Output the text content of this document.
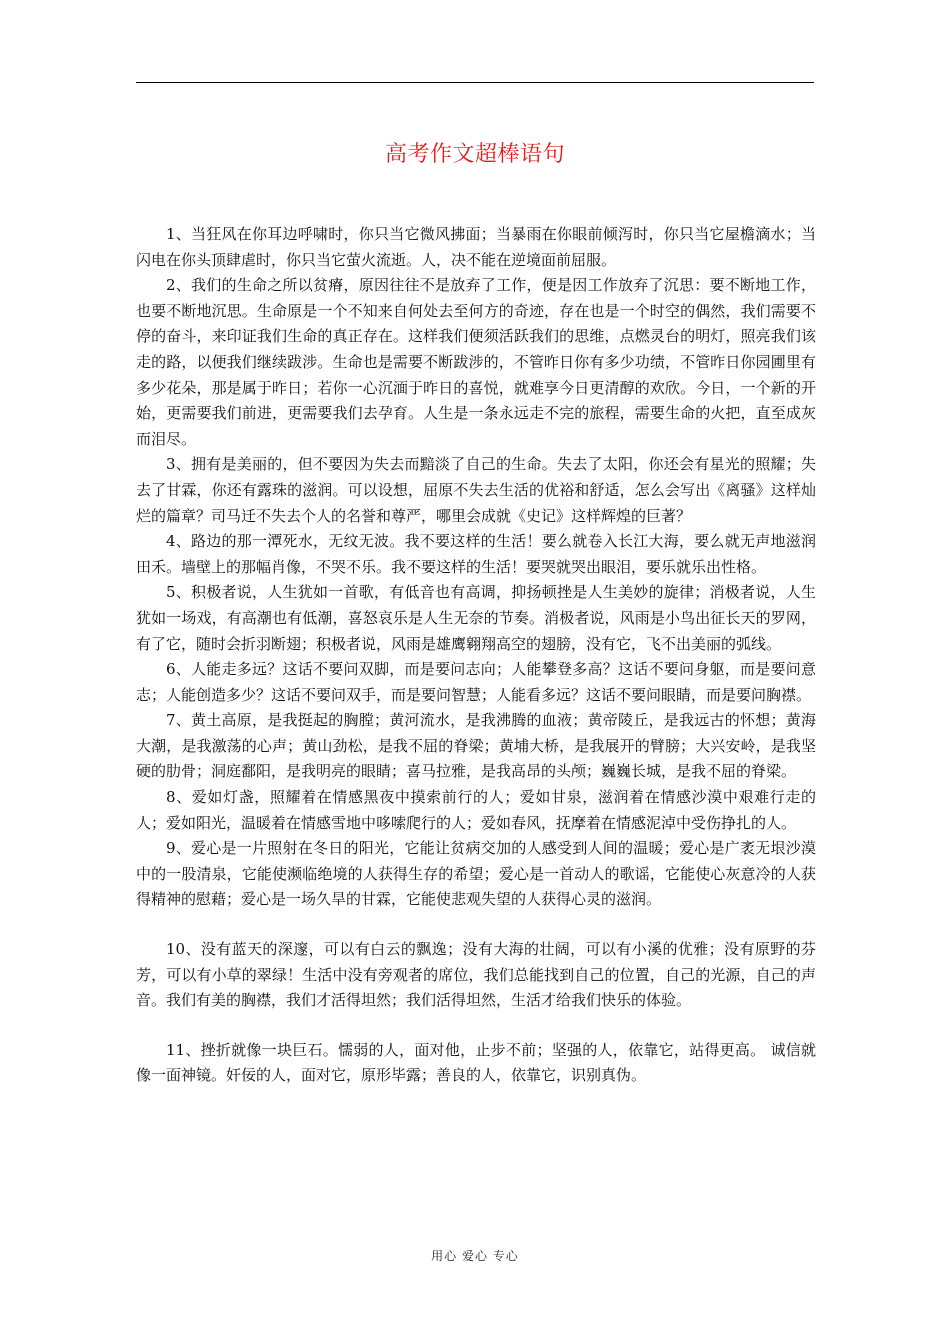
高考作文超棒语句

1、当狂风在你耳边呼啸时，你只当它微风拂面；当暴雨在你眼前倾泻时，你只当它屋檐滴水；当闪电在你头顶肆虐时，你只当它萤火流逝。人，决不能在逆境面前屈服。

2、我们的生命之所以贫瘠，原因往往不是放弃了工作，便是因工作放弃了沉思：要不断地工作，也要不断地沉思。生命原是一个不知来自何处去至何方的奇迹，存在也是一个时空的偶然，我们需要不停的奋斗，来印证我们生命的真正存在。这样我们便须活跃我们的思维，点燃灵台的明灯，照亮我们该走的路，以便我们继续跋涉。生命也是需要不断跋涉的，不管昨日你有多少功绩，不管昨日你园圃里有多少花朵，那是属于昨日；若你一心沉湎于昨日的喜悦，就难享今日更清醇的欢欣。今日，一个新的开始，更需要我们前进，更需要我们去孕育。人生是一条永远走不完的旅程，需要生命的火把，直至成灰而泪尽。

3、拥有是美丽的，但不要因为失去而黯淡了自己的生命。失去了太阳，你还会有星光的照耀；失去了甘霖，你还有露珠的滋润。可以设想，屈原不失去生活的优裕和舒适，怎么会写出《离骚》这样灿烂的篇章？司马迁不失去个人的名誉和尊严，哪里会成就《史记》这样辉煌的巨著？

4、路边的那一潭死水，无纹无波。我不要这样的生活！要么就卷入长江大海，要么就无声地滋润田禾。墙壁上的那幅肖像，不哭不乐。我不要这样的生活！要哭就哭出眼泪，要乐就乐出性格。

5、积极者说，人生犹如一首歌，有低音也有高调，抑扬顿挫是人生美妙的旋律；消极者说，人生犹如一场戏，有高潮也有低潮，喜怒哀乐是人生无奈的节奏。消极者说，风雨是小鸟出征长天的罗网，有了它，随时会折羽断翅；积极者说，风雨是雄鹰翱翔高空的翅膀，没有它，飞不出美丽的弧线。

6、人能走多远？这话不要问双脚，而是要问志向；人能攀登多高？这话不要问身躯，而是要问意志；人能创造多少？这话不要问双手，而是要问智慧；人能看多远？这话不要问眼睛，而是要问胸襟。

7、黄土高原，是我挺起的胸膛；黄河流水，是我沸腾的血液；黄帝陵丘，是我远古的怀想；黄海大潮，是我激荡的心声；黄山劲松，是我不屈的脊梁；黄埔大桥，是我展开的臂膀；大兴安岭，是我坚硬的肋骨；洞庭鄱阳，是我明亮的眼睛；喜马拉雅，是我高昂的头颅；巍巍长城，是我不屈的脊梁。

8、爱如灯盏，照耀着在情感黑夜中摸索前行的人；爱如甘泉，滋润着在情感沙漠中艰难行走的人；爱如阳光，温暖着在情感雪地中哆嗦爬行的人；爱如春风，抚摩着在情感泥淖中受伤挣扎的人。

9、爱心是一片照射在冬日的阳光，它能让贫病交加的人感受到人间的温暖；爱心是广袤无垠沙漠中的一股清泉，它能使濒临绝境的人获得生存的希望；爱心是一首动人的歌谣，它能使心灰意冷的人获得精神的慰藉；爱心是一场久旱的甘霖，它能使悲观失望的人获得心灵的滋润。

10、没有蓝天的深邃，可以有白云的飘逸；没有大海的壮阔，可以有小溪的优雅；没有原野的芬芳，可以有小草的翠绿！生活中没有旁观者的席位，我们总能找到自己的位置，自己的光源，自己的声音。我们有美的胸襟，我们才活得坦然；我们活得坦然，生活才给我们快乐的体验。

11、挫折就像一块巨石。懦弱的人，面对他，止步不前；坚强的人，依靠它，站得更高。 诚信就像一面神镜。奸佞的人，面对它，原形毕露；善良的人，依靠它，识别真伪。

用心 爱心 专心
